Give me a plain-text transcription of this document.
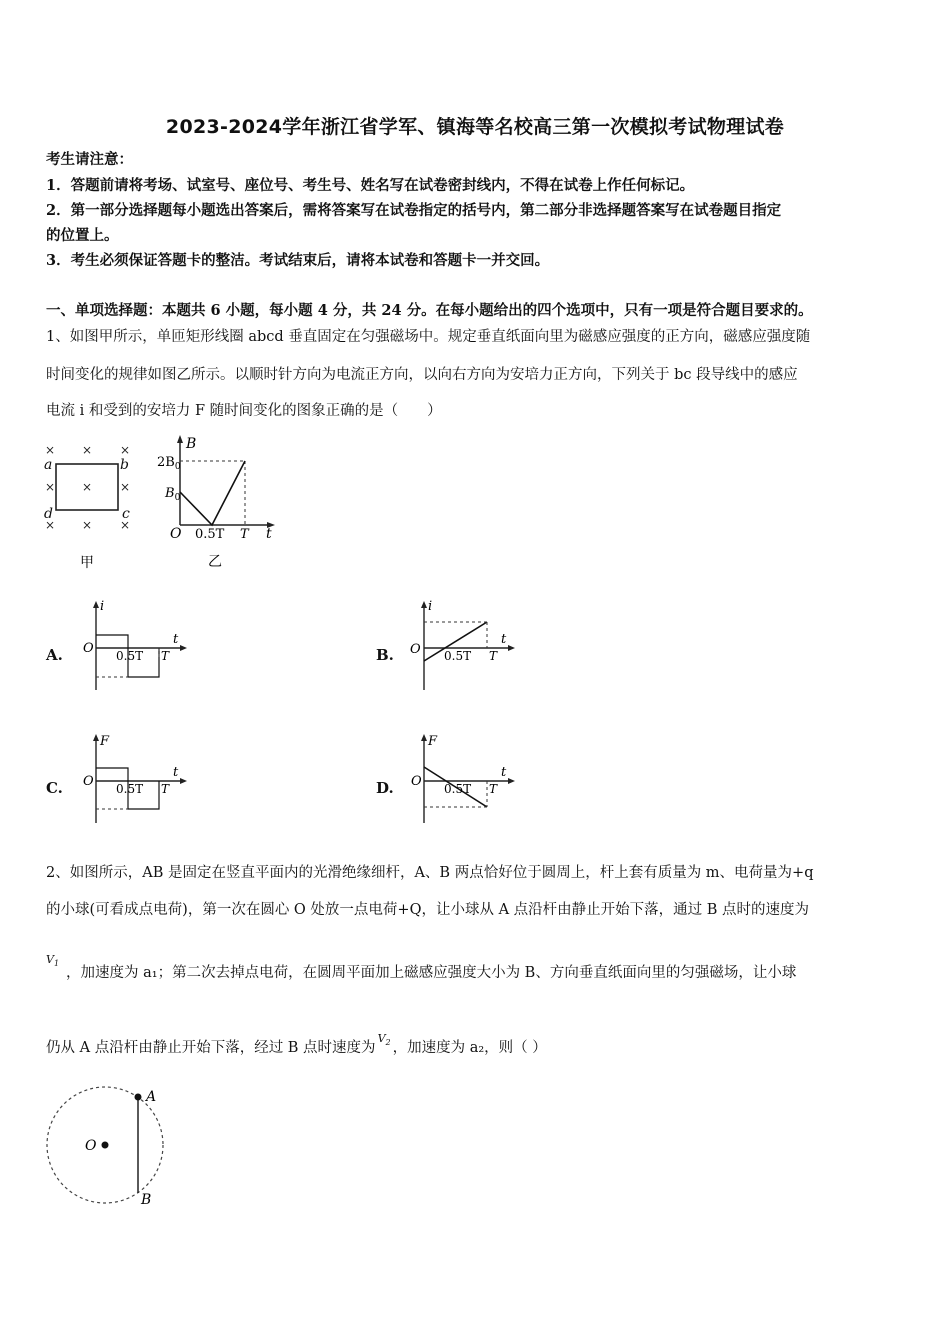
2023-2024学年浙江省学军、镇海等名校高三第一次模拟考试物理试卷
考生请注意：
1．答题前请将考场、试室号、座位号、考生号、姓名写在试卷密封线内，不得在试卷上作任何标记。
2．第一部分选择题每小题选出答案后，需将答案写在试卷指定的括号内，第二部分非选择题答案写在试卷题目指定
的位置上。
3．考生必须保证答题卡的整洁。考试结束后，请将本试卷和答题卡一并交回。
一、单项选择题：本题共 6 小题，每小题 4 分，共 24 分。在每小题给出的四个选项中，只有一项是符合题目要求的。
1、如图甲所示，单匝矩形线圈 abcd 垂直固定在匀强磁场中。规定垂直纸面向里为磁感应强度的正方向，磁感应强度随
时间变化的规律如图乙所示。以顺时针方向为电流正方向，以向右方向为安培力正方向，下列关于 bc 段导线中的感应
电流 i 和受到的安培力 F 随时间变化的图象正确的是（　　）
× × ×
× × ×
× × ×
a	b
c
d
甲
B
t
O
$2B_0$
$B_0$
0.5T T
乙
A.
i
t
O 0.5T T	B.
i
t
O 0.5T T
C.
F
t
O 0.5T T	D.
F
t
O 0.5T T
2、如图所示，AB 是固定在竖直平面内的光滑绝缘细杆，A、B 两点恰好位于圆周上，杆上套有质量为 m、电荷量为+q
的小球(可看成点电荷)，第一次在圆心 O 处放一点电荷+Q，让小球从 A 点沿杆由静止开始下落，通过 B 点时的速度为
$V_1$
，加速度为 a₁；第二次去掉点电荷，在圆周平面加上磁感应强度大小为 B、方向垂直纸面向里的匀强磁场，让小球
仍从 A 点沿杆由静止开始下落，经过 B 点时速度为$^{V_2}$ ，加速度为 a₂，则（ ）
A
B
O
